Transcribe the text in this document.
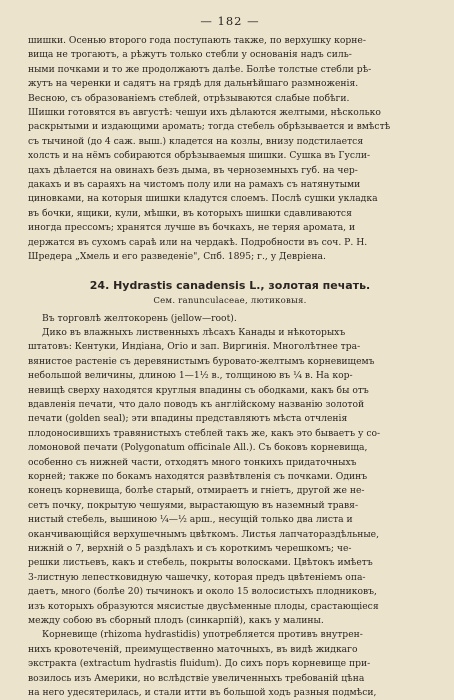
— 182 —
шишки. Осенью второго года поступають также, по верхушку корне-
вища не трогаютъ, а рѣжутъ только стебли у основанія надъ силь-
ными почками и то же продолжаютъ далѣе. Болѣе толстые стебли рѣ-
жутъ на черенки и садятъ на грядѣ для дальнѣйшаго размноженія.
Весною, съ образованіемъ стеблей, отрѣзываются слабые побѣги.
Шишки готовятся въ августѣ: чешуи ихъ дѣлаются желтыми, нѣсколько
раскрытыми и издающими аромать; тогда стебель обрѣзывается и вмѣстѣ
съ тычиной (до 4 саж. выш.) кладется на козлы, внизу подстилается
холсть и на нёмъ собираются обрѣзываемыя шишки. Сушка въ Гусли-
цахъ дѣлается на овинахъ безъ дыма, въ черноземныхъ губ. на чер-
дакахъ и въ сараяхъ на чистомъ полу или на рамахъ съ натянутыми
циновками, на которыя шишки кладутся слоемъ. Послѣ сушки укладка
въ бочки, ящики, кули, мѣшки, въ которыхъ шишки сдавливаются
иногда прессомъ; хранятся лучше въ бочкахъ, не теряя аромата, и
держатся въ сухомъ сараѣ или на чердакѣ. Подробности въ соч. Р. Н.
Шредера „Хмель и его разведеніе", Спб. 1895; г., у Девріена.
24. Hydrastis canadensis L., золотая печать.
Сем. ranunculaceae, лютиковыя.
Въ торговлѣ желтокорень (jellow—root).
Дико въ влажныхъ лиственныхъ лѣсахъ Канады и нѣкоторыхъ
штатовъ: Кентуки, Индіана, Огіо и зап. Виргинія. Многолѣтнее тра-
вянистое растеніе съ деревянистымъ буровато-желтымъ корневищемъ
небольшой величины, длиною 1—1½ в., толщиною въ ¼ в. На кор-
невищѣ сверху находятся круглыя впадины съ ободками, какъ бы отъ
вдавленія печати, что дало поводъ къ англійскому названію золотой
печати (golden seal); эти впадины представляютъ мѣста отчленія
плодоносившихъ травянистыхъ стеблей такъ же, какъ это бываетъ у со-
ломоновой печати (Polygonatum officinale All.). Съ боковъ корневища,
особенно съ нижней части, отходятъ много тонкихъ придаточныхъ
корней; также по бокамъ находятся развѣтвленія съ почками. Одинъ
конецъ корневища, болѣе старый, отмираетъ и гніетъ, другой же не-
сетъ почку, покрытую чешуями, вырастающую въ наземный травя-
нистый стебель, вышиною ¼—½ арш., несущій только два листа и
оканчивающійся верхушечнымъ цвѣткомъ. Листья лапчатораздѣльные,
нижній о 7, верхній о 5 раздѣлахъ и съ короткимъ черешкомъ; че-
решки листьевъ, какъ и стебель, покрыты волосками. Цвѣтокъ имѣетъ
3-листную лепестковидную чашечку, которая предъ цвѣтеніемъ опа-
даетъ, много (болѣе 20) тычинокъ и около 15 волосистыхъ плодниковъ,
изъ которыхъ образуются мясистые двусѣменные плоды, срастающіеся
между собою въ сборный плодъ (синкарпій), какъ у малины.
Корневище (rhizoma hydrastidis) употребляется противъ внутрен-
нихъ кровотеченій, преимущественно маточныхъ, въ видѣ жидкаго
экстракта (extractum hydrastis fluidum). До сихъ поръ корневище при-
возилось изъ Америки, но вслѣдствіе увеличенныхъ требованій цѣна
на него удесятерилась, и стали итти въ большой ходъ разныя подмѣси,
